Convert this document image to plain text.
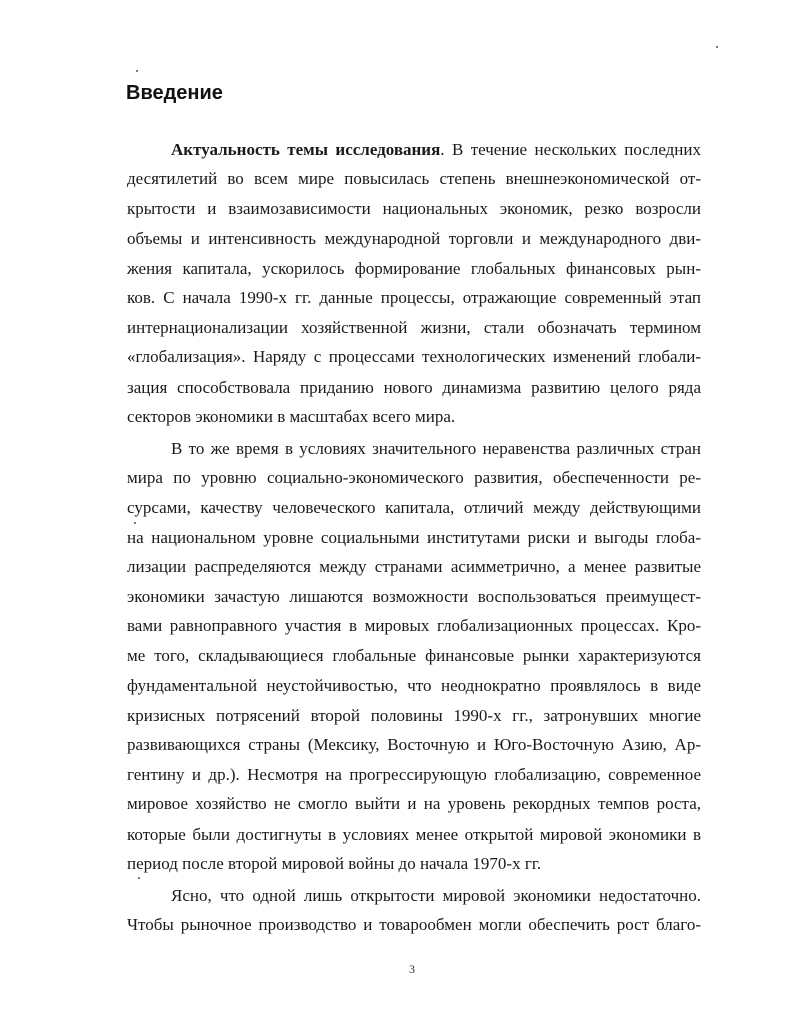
Введение
Актуальность темы исследования. В течение нескольких последних
десятилетий во всем мире повысилась степень внешнеэкономической от-
крытости и взаимозависимости национальных экономик, резко возросли
объемы и интенсивность международной торговли и международного дви-
жения капитала, ускорилось формирование глобальных финансовых рын-
ков. С начала 1990-х гг. данные процессы, отражающие современный этап
интернационализации хозяйственной жизни, стали обозначать термином
«глобализация». Наряду с процессами технологических изменений глобали-
зация способствовала приданию нового динамизма развитию целого ряда
секторов экономики в масштабах всего мира.
В то же время в условиях значительного неравенства различных стран
мира по уровню социально-экономического развития, обеспеченности ре-
сурсами, качеству человеческого капитала, отличий между действующими
на национальном уровне социальными институтами риски и выгоды глоба-
лизации распределяются между странами асимметрично, а менее развитые
экономики зачастую лишаются возможности воспользоваться преимущест-
вами равноправного участия в мировых глобализационных процессах. Кро-
ме того, складывающиеся глобальные финансовые рынки характеризуются
фундаментальной неустойчивостью, что неоднократно проявлялось в виде
кризисных потрясений второй половины 1990-х гг., затронувших многие
развивающихся страны (Мексику, Восточную и Юго-Восточную Азию, Ар-
гентину и др.). Несмотря на прогрессирующую глобализацию, современное
мировое хозяйство не смогло выйти и на уровень рекордных темпов роста,
которые были достигнуты в условиях менее открытой мировой экономики в
период после второй мировой войны до начала 1970-х гг.
Ясно, что одной лишь открытости мировой экономики недостаточно.
Чтобы рыночное производство и товарообмен могли обеспечить рост благо-
3
